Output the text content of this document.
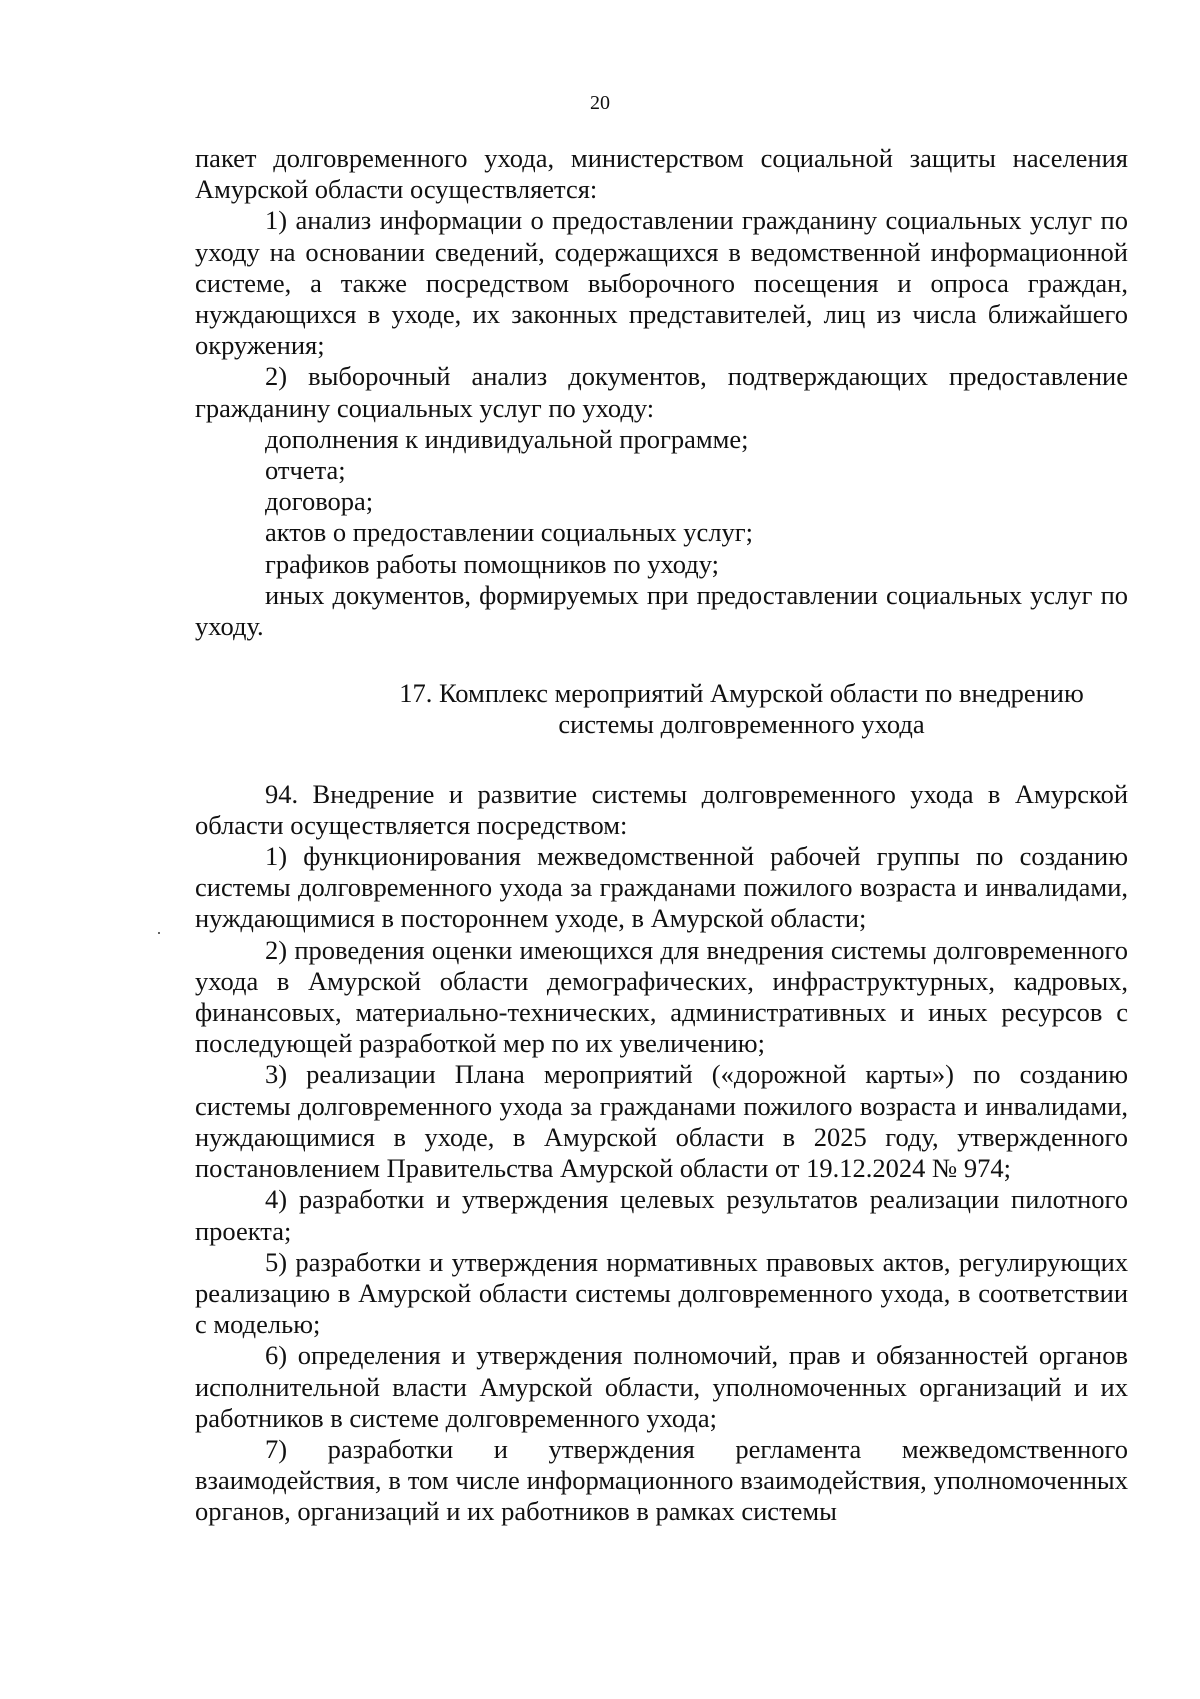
20

пакет долговременного ухода, министерством социальной защиты населения Амурской области осуществляется:

1) анализ информации о предоставлении гражданину социальных услуг по уходу на основании сведений, содержащихся в ведомственной информационной системе, а также посредством выборочного посещения и опроса граждан, нуждающихся в уходе, их законных представителей, лиц из числа ближайшего окружения;

2) выборочный анализ документов, подтверждающих предоставление гражданину социальных услуг по уходу:

дополнения к индивидуальной программе;

отчета;

договора;

актов о предоставлении социальных услуг;

графиков работы помощников по уходу;

иных документов, формируемых при предоставлении социальных услуг по уходу.

17. Комплекс мероприятий Амурской области по внедрению
системы долговременного ухода

94. Внедрение и развитие системы долговременного ухода в Амурской области осуществляется посредством:

1) функционирования межведомственной рабочей группы по созданию системы долговременного ухода за гражданами пожилого возраста и инвалидами, нуждающимися в постороннем уходе, в Амурской области;

2) проведения оценки имеющихся для внедрения системы долговременного ухода в Амурской области демографических, инфраструктурных, кадровых, финансовых, материально-технических, административных и иных ресурсов с последующей разработкой мер по их увеличению;

3) реализации Плана мероприятий («дорожной карты») по созданию системы долговременного ухода за гражданами пожилого возраста и инвалидами, нуждающимися в уходе, в Амурской области в 2025 году, утвержденного постановлением Правительства Амурской области от 19.12.2024 № 974;

4) разработки и утверждения целевых результатов реализации пилотного проекта;

5) разработки и утверждения нормативных правовых актов, регулирующих реализацию в Амурской области системы долговременного ухода, в соответствии с моделью;

6) определения и утверждения полномочий, прав и обязанностей органов исполнительной власти Амурской области, уполномоченных организаций и их работников в системе долговременного ухода;

7) разработки и утверждения регламента межведомственного взаимодействия, в том числе информационного взаимодействия, уполномоченных органов, организаций и их работников в рамках системы
